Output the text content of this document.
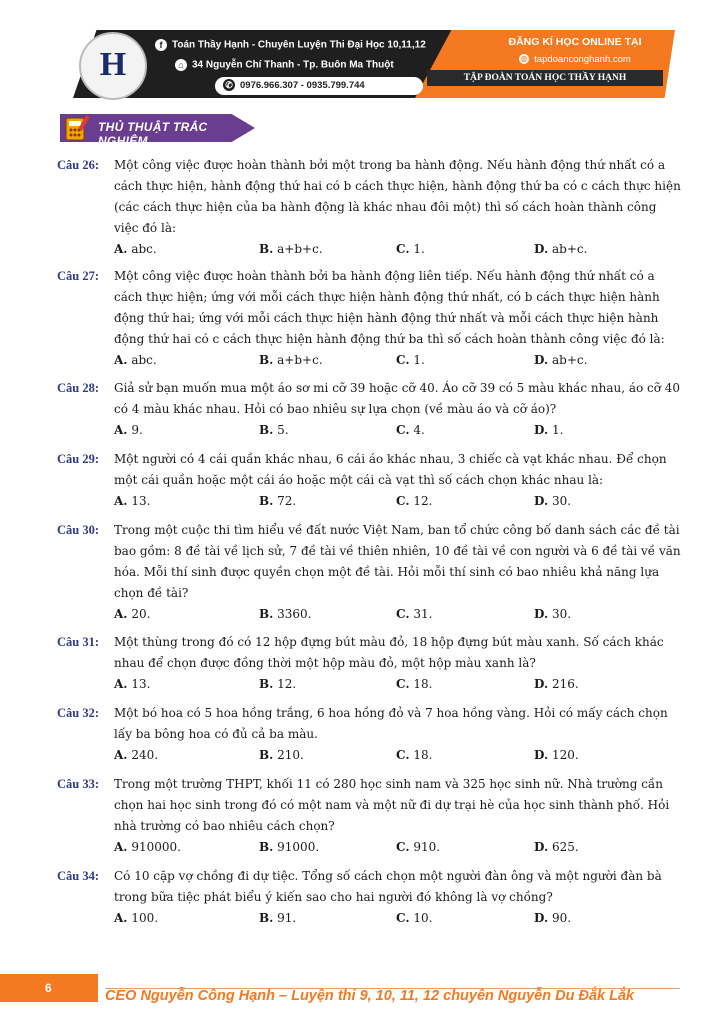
H
f Toán Thầy Hạnh - Chuyên Luyện Thi Đại Học 10,11,12
⌂ 34 Nguyễn Chí Thanh - Tp. Buôn Ma Thuột
✆ 0976.966.307 - 0935.799.744
ĐĂNG KÍ HỌC ONLINE TẠI
◍ tapdoanconghanh.com
TẬP ĐOÀN TOÁN HỌC THẦY HẠNH
THỦ THUẬT TRẮC NGHIỆM
Câu 26: Một công việc được hoàn thành bởi một trong ba hành động. Nếu hành động thứ nhất có a cách thực hiện, hành động thứ hai có b cách thực hiện, hành động thứ ba có c cách thực hiện (các cách thực hiện của ba hành động là khác nhau đôi một) thì số cách hoàn thành công việc đó là:
A. abc.	B. a+b+c.	C. 1.	D. ab+c.
Câu 27: Một công việc được hoàn thành bởi ba hành động liên tiếp. Nếu hành động thứ nhất có a cách thực hiện; ứng với mỗi cách thực hiện hành động thứ nhất, có b cách thực hiện hành động thứ hai; ứng với mỗi cách thực hiện hành động thứ nhất và mỗi cách thực hiện hành động thứ hai có c cách thực hiện hành động thứ ba thì số cách hoàn thành công việc đó là:
A. abc.	B. a+b+c.	C. 1.	D. ab+c.
Câu 28: Giả sử bạn muốn mua một áo sơ mi cỡ 39 hoặc cỡ 40. Áo cỡ 39 có 5 màu khác nhau, áo cỡ 40 có 4 màu khác nhau. Hỏi có bao nhiêu sự lựa chọn (về màu áo và cỡ áo)?
A. 9.	B. 5.	C. 4.	D. 1.
Câu 29: Một người có 4 cái quần khác nhau, 6 cái áo khác nhau, 3 chiếc cà vạt khác nhau. Để chọn một cái quần hoặc một cái áo hoặc một cái cà vạt thì số cách chọn khác nhau là:
A. 13.	B. 72.	C. 12.	D. 30.
Câu 30: Trong một cuộc thi tìm hiểu về đất nước Việt Nam, ban tổ chức công bố danh sách các đề tài bao gồm: 8 đề tài về lịch sử, 7 đề tài về thiên nhiên, 10 đề tài về con người và 6 đề tài về văn hóa. Mỗi thí sinh được quyền chọn một đề tài. Hỏi mỗi thí sinh có bao nhiêu khả năng lựa chọn đề tài?
A. 20.	B. 3360.	C. 31.	D. 30.
Câu 31: Một thùng trong đó có 12 hộp đựng bút màu đỏ, 18 hộp đựng bút màu xanh. Số cách khác nhau để chọn được đồng thời một hộp màu đỏ, một hộp màu xanh là?
A. 13.	B. 12.	C. 18.	D. 216.
Câu 32: Một bó hoa có 5 hoa hồng trắng, 6 hoa hồng đỏ và 7 hoa hồng vàng. Hỏi có mấy cách chọn lấy ba bông hoa có đủ cả ba màu.
A. 240.	B. 210.	C. 18.	D. 120.
Câu 33: Trong một trường THPT, khối 11 có 280 học sinh nam và 325 học sinh nữ. Nhà trường cần chọn hai học sinh trong đó có một nam và một nữ đi dự trại hè của học sinh thành phố. Hỏi nhà trường có bao nhiêu cách chọn?
A. 910000.	B. 91000.	C. 910.	D. 625.
Câu 34: Có 10 cặp vợ chồng đi dự tiệc. Tổng số cách chọn một người đàn ông và một người đàn bà trong bữa tiệc phát biểu ý kiến sao cho hai người đó không là vợ chồng?
A. 100.	B. 91.	C. 10.	D. 90.
6	CEO Nguyễn Công Hạnh – Luyện thi 9, 10, 11, 12 chuyên Nguyễn Du Đắk Lắk
